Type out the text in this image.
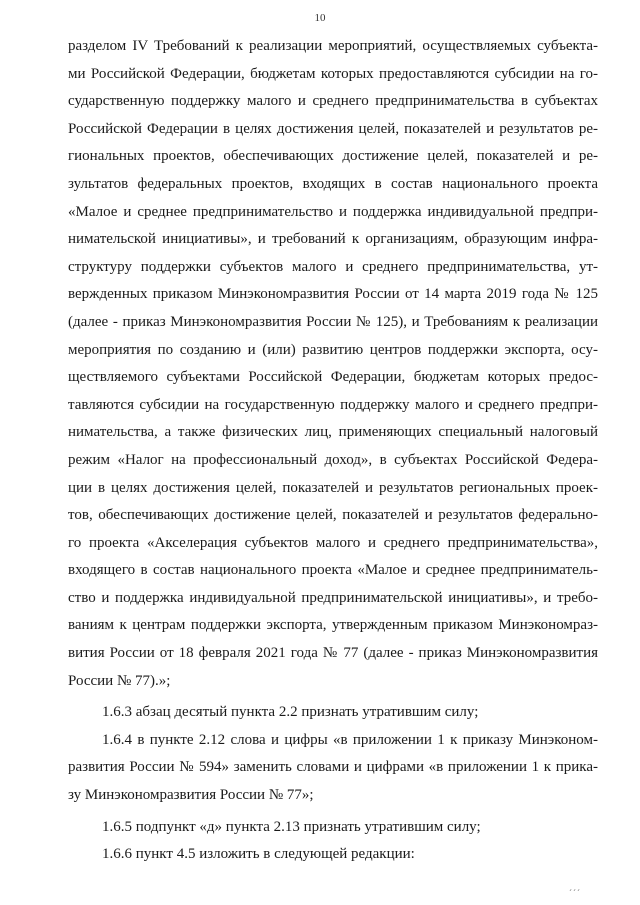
10
разделом IV Требований к реализации мероприятий, осуществляемых субъекта-
ми Российской Федерации, бюджетам которых предоставляются субсидии на го-
сударственную поддержку малого и среднего предпринимательства в субъектах
Российской Федерации в целях достижения целей, показателей и результатов ре-
гиональных проектов, обеспечивающих достижение целей, показателей и ре-
зультатов федеральных проектов, входящих в состав национального проекта
«Малое и среднее предпринимательство и поддержка индивидуальной предпри-
нимательской инициативы», и требований к организациям, образующим инфра-
структуру поддержки субъектов малого и среднего предпринимательства, ут-
вержденных приказом Минэкономразвития России от 14 марта 2019 года № 125
(далее - приказ Минэкономразвития России № 125), и Требованиям к реализации
мероприятия по созданию и (или) развитию центров поддержки экспорта, осу-
ществляемого субъектами Российской Федерации, бюджетам которых предос-
тавляются субсидии на государственную поддержку малого и среднего предпри-
нимательства, а также физических лиц, применяющих специальный налоговый
режим «Налог на профессиональный доход», в субъектах Российской Федера-
ции в целях достижения целей, показателей и результатов региональных проек-
тов, обеспечивающих достижение целей, показателей и результатов федерально-
го проекта «Акселерация субъектов малого и среднего предпринимательства»,
входящего в состав национального проекта «Малое и среднее предприниматель-
ство и поддержка индивидуальной предпринимательской инициативы», и требо-
ваниям к центрам поддержки экспорта, утвержденным приказом Минэкономраз-
вития России от 18 февраля 2021 года № 77 (далее - приказ Минэкономразвития
России № 77).»;
1.6.3 абзац десятый пункта 2.2 признать утратившим силу;
1.6.4 в пункте 2.12 слова и цифры «в приложении 1 к приказу Минэконом-
развития России № 594» заменить словами и цифрами «в приложении 1 к прика-
зу Минэкономразвития России № 77»;
1.6.5 подпункт «д» пункта 2.13 признать утратившим силу;
1.6.6 пункт 4.5 изложить в следующей редакции:
´´´
